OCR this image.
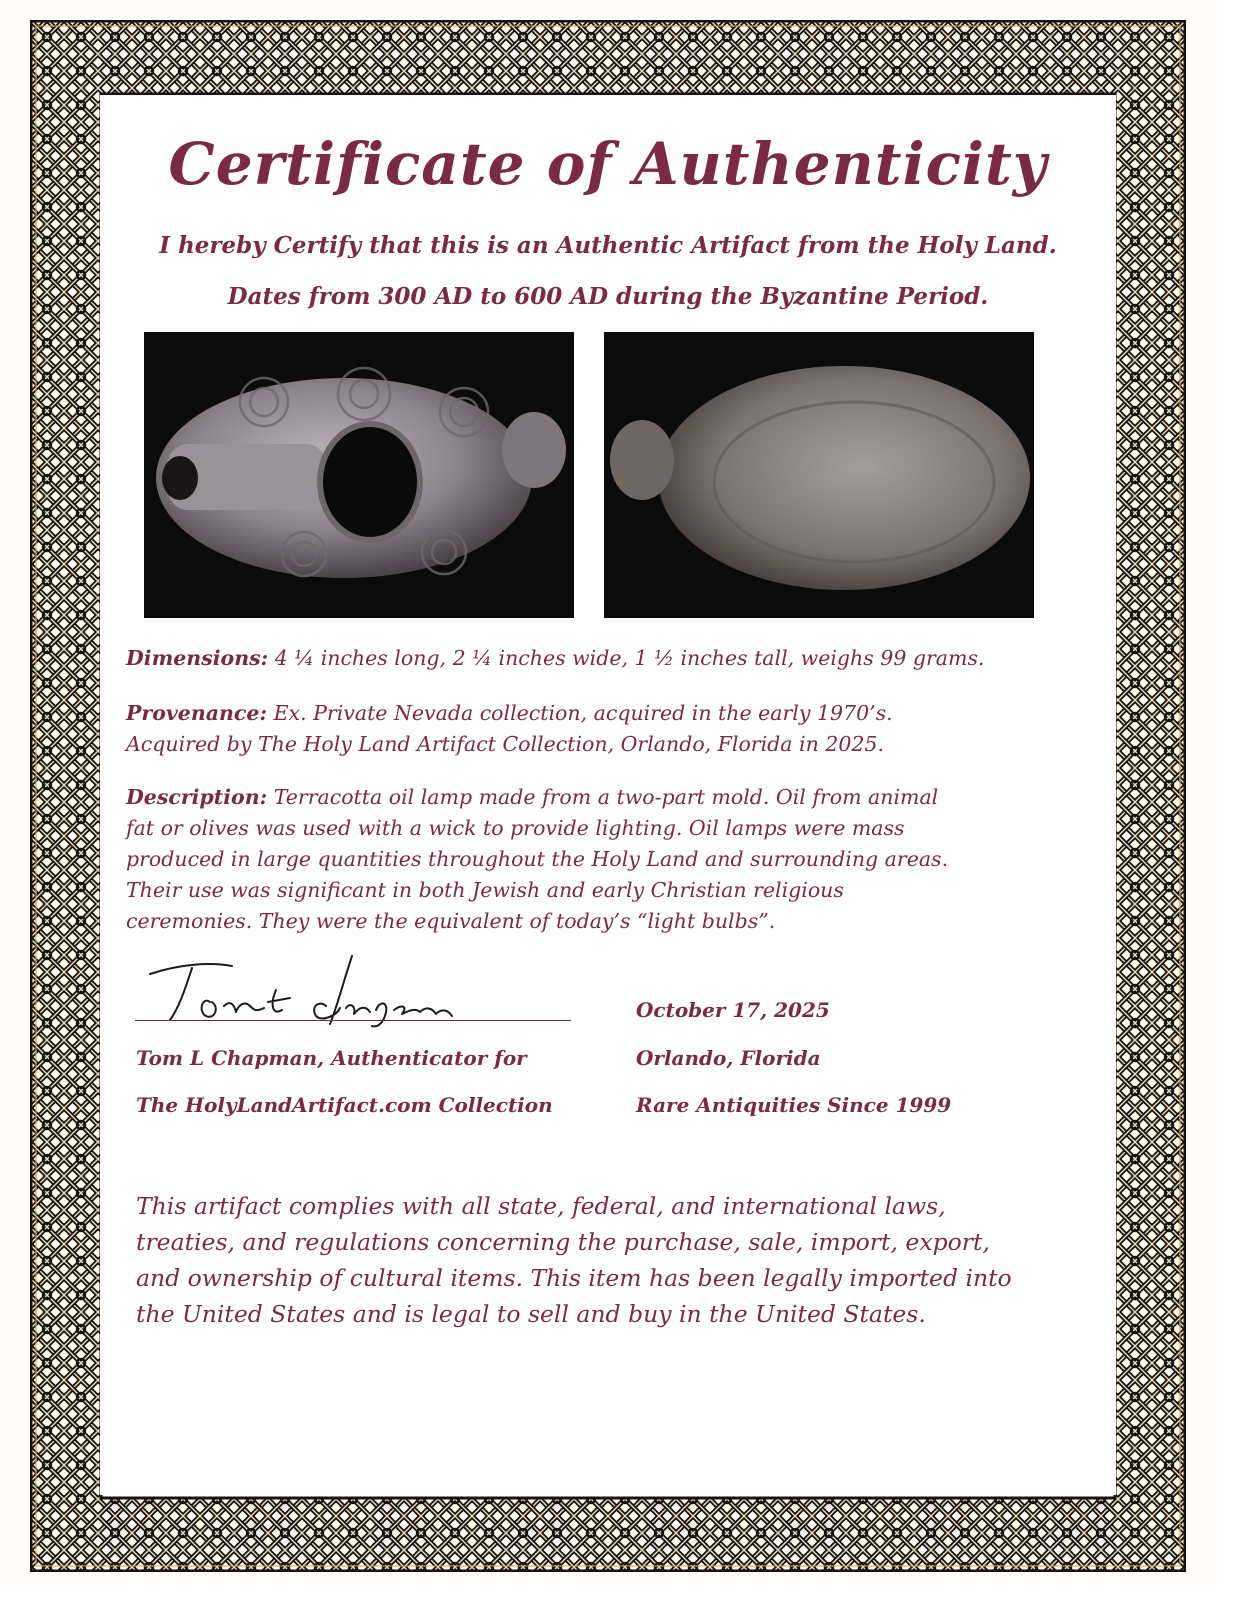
Certificate of Authenticity
I hereby Certify that this is an Authentic Artifact from the Holy Land.
Dates from 300 AD to 600 AD during the Byzantine Period.
Dimensions: 4 ¼ inches long, 2 ¼ inches wide, 1 ½ inches tall, weighs 99 grams.
Provenance: Ex. Private Nevada collection, acquired in the early 1970’s.
Acquired by The Holy Land Artifact Collection, Orlando, Florida in 2025.
Description: Terracotta oil lamp made from a two-part mold. Oil from animal
fat or olives was used with a wick to provide lighting. Oil lamps were mass
produced in large quantities throughout the Holy Land and surrounding areas.
Their use was significant in both Jewish and early Christian religious
ceremonies. They were the equivalent of today’s “light bulbs”.
Tom L Chapman, Authenticator for
The HolyLandArtifact.com Collection
October 17, 2025
Orlando, Florida
Rare Antiquities Since 1999
This artifact complies with all state, federal, and international laws,
treaties, and regulations concerning the purchase, sale, import, export,
and ownership of cultural items. This item has been legally imported into
the United States and is legal to sell and buy in the United States.
